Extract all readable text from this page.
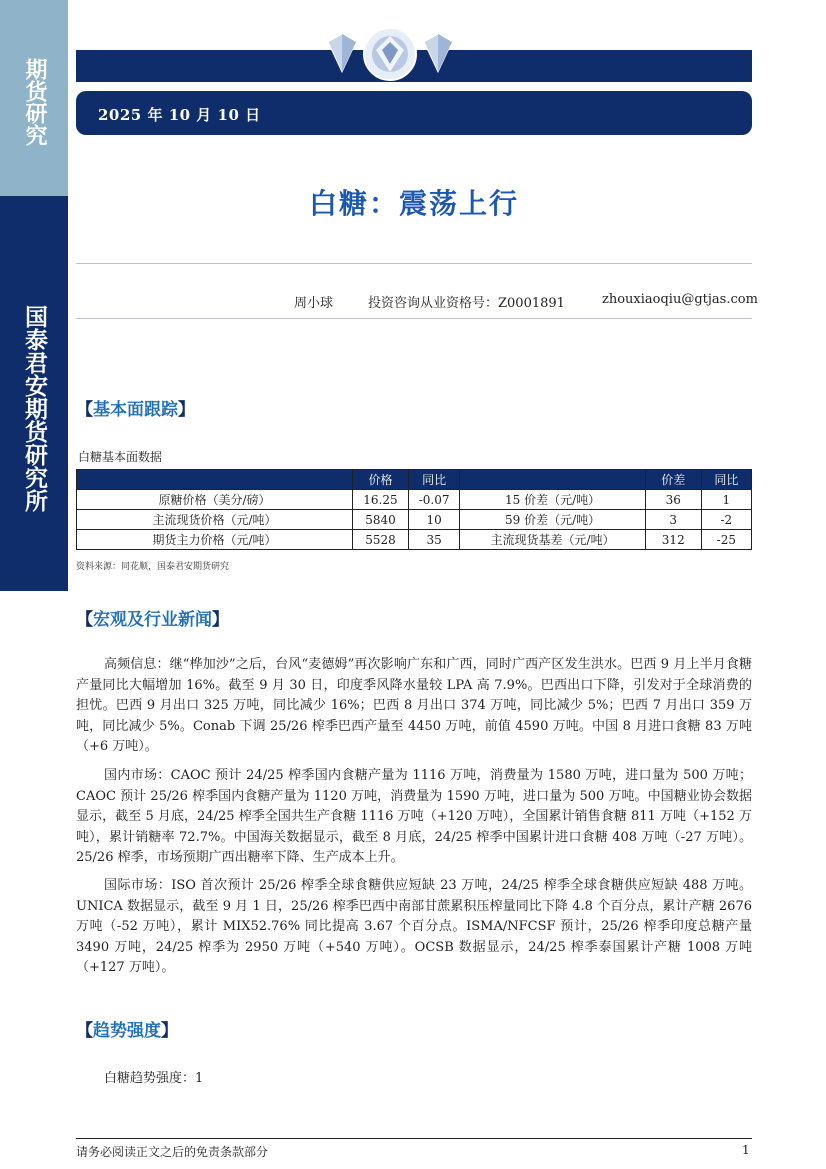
期货研究
国泰君安期货研究所
2025 年 10 月 10 日
白糖：震荡上行
周小球	投资咨询从业资格号：Z0001891	zhouxiaoqiu@gtjas.com
【基本面跟踪】
白糖基本面数据
	价格	同比		价差	同比
原糖价格（美分/磅）	16.25	-0.07	15 价差（元/吨）	36	1
主流现货价格（元/吨）	5840	10	59 价差（元/吨）	3	-2
期货主力价格（元/吨）	5528	35	主流现货基差（元/吨）	312	-25
资料来源：同花顺，国泰君安期货研究
【宏观及行业新闻】

高频信息：继“桦加沙”之后，台风“麦德姆”再次影响广东和广西，同时广西产区发生洪水。巴西 9 月上半月食糖产量同比大幅增加 16%。截至 9 月 30 日，印度季风降水量较 LPA 高 7.9%。巴西出口下降，引发对于全球消费的担忧。巴西 9 月出口 325 万吨，同比减少 16%；巴西 8 月出口 374 万吨，同比减少 5%；巴西 7 月出口 359 万吨，同比减少 5%。Conab 下调 25/26 榨季巴西产量至 4450 万吨，前值 4590 万吨。中国 8 月进口食糖 83 万吨（+6 万吨）。

国内市场：CAOC 预计 24/25 榨季国内食糖产量为 1116 万吨，消费量为 1580 万吨，进口量为 500 万吨；CAOC 预计 25/26 榨季国内食糖产量为 1120 万吨，消费量为 1590 万吨，进口量为 500 万吨。中国糖业协会数据显示，截至 5 月底，24/25 榨季全国共生产食糖 1116 万吨（+120 万吨），全国累计销售食糖 811 万吨（+152 万吨），累计销糖率 72.7%。中国海关数据显示，截至 8 月底，24/25 榨季中国累计进口食糖 408 万吨（-27 万吨）。25/26 榨季，市场预期广西出糖率下降、生产成本上升。

国际市场：ISO 首次预计 25/26 榨季全球食糖供应短缺 23 万吨，24/25 榨季全球食糖供应短缺 488 万吨。UNICA 数据显示，截至 9 月 1 日，25/26 榨季巴西中南部甘蔗累积压榨量同比下降 4.8 个百分点，累计产糖 2676 万吨（-52 万吨），累计 MIX52.76% 同比提高 3.67 个百分点。ISMA/NFCSF 预计，25/26 榨季印度总糖产量 3490 万吨，24/25 榨季为 2950 万吨（+540 万吨）。OCSB 数据显示，24/25 榨季泰国累计产糖 1008 万吨（+127 万吨）。

【趋势强度】
白糖趋势强度：1
请务必阅读正文之后的免责条款部分	1
